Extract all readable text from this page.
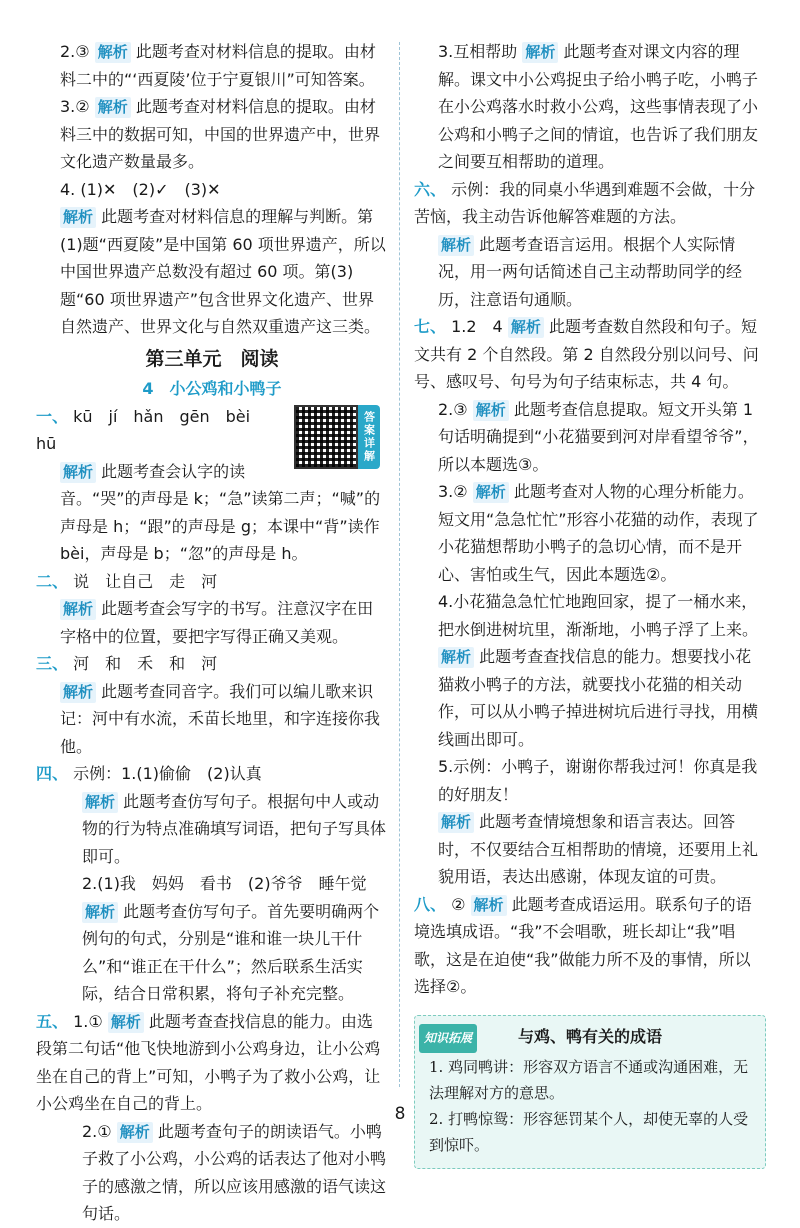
2.③ 解析 此题考查对材料信息的提取。由材料二中的“‘西夏陵’位于宁夏银川”可知答案。

3.② 解析 此题考查对材料信息的提取。由材料三中的数据可知，中国的世界遗产中，世界文化遗产数量最多。

4. (1)✕　(2)✓　(3)✕

解析 此题考查对材料信息的理解与判断。第(1)题“西夏陵”是中国第 60 项世界遗产，所以中国世界遗产总数没有超过 60 项。第(3)题“60 项世界遗产”包含世界文化遗产、世界自然遗产、世界文化与自然双重遗产这三类。

第三单元　阅读
4　小公鸡和小鸭子
答案详解

一、 kū　jí　hǎn　gēn　bèi　hū

解析 此题考查会认字的读音。“哭”的声母是 k；“急”读第二声；“喊”的声母是 h；“跟”的声母是 g；本课中“背”读作 bèi，声母是 b；“忽”的声母是 h。

二、 说　让自己　走　河

解析 此题考查会写字的书写。注意汉字在田字格中的位置，要把字写得正确又美观。

三、 河　和　禾　和　河

解析 此题考查同音字。我们可以编儿歌来识记：河中有水流，禾苗长地里，和字连接你我他。

四、 示例：1.(1)偷偷　(2)认真

解析 此题考查仿写句子。根据句中人或动物的行为特点准确填写词语，把句子写具体即可。

2.(1)我　妈妈　看书　(2)爷爷　睡午觉

解析 此题考查仿写句子。首先要明确两个例句的句式，分别是“谁和谁一块儿干什么”和“谁正在干什么”；然后联系生活实际，结合日常积累，将句子补充完整。

五、 1.① 解析 此题考查查找信息的能力。由选段第二句话“他飞快地游到小公鸡身边，让小公鸡坐在自己的背上”可知，小鸭子为了救小公鸡，让小公鸡坐在自己的背上。

2.① 解析 此题考查句子的朗读语气。小鸭子救了小公鸡，小公鸡的话表达了他对小鸭子的感激之情，所以应该用感激的语气读这句话。

3.互相帮助 解析 此题考查对课文内容的理解。课文中小公鸡捉虫子给小鸭子吃，小鸭子在小公鸡落水时救小公鸡，这些事情表现了小公鸡和小鸭子之间的情谊，也告诉了我们朋友之间要互相帮助的道理。

六、 示例：我的同桌小华遇到难题不会做，十分苦恼，我主动告诉他解答难题的方法。

解析 此题考查语言运用。根据个人实际情况，用一两句话简述自己主动帮助同学的经历，注意语句通顺。

七、 1.2　4 解析 此题考查数自然段和句子。短文共有 2 个自然段。第 2 自然段分别以问号、问号、感叹号、句号为句子结束标志，共 4 句。

2.③ 解析 此题考查信息提取。短文开头第 1 句话明确提到“小花猫要到河对岸看望爷爷”，所以本题选③。

3.② 解析 此题考查对人物的心理分析能力。短文用“急急忙忙”形容小花猫的动作，表现了小花猫想帮助小鸭子的急切心情，而不是开心、害怕或生气，因此本题选②。

4.小花猫急急忙忙地跑回家，提了一桶水来，把水倒进树坑里，渐渐地，小鸭子浮了上来。

解析 此题考查查找信息的能力。想要找小花猫救小鸭子的方法，就要找小花猫的相关动作，可以从小鸭子掉进树坑后进行寻找，用横线画出即可。

5.示例：小鸭子，谢谢你帮我过河！你真是我的好朋友！

解析 此题考查情境想象和语言表达。回答时，不仅要结合互相帮助的情境，还要用上礼貌用语，表达出感谢，体现友谊的可贵。

八、 ② 解析 此题考查成语运用。联系句子的语境选填成语。“我”不会唱歌，班长却让“我”唱歌，这是在迫使“我”做能力所不及的事情，所以选择②。

知识拓展	与鸡、鸭有关的成语
1. 鸡同鸭讲：形容双方语言不通或沟通困难，无法理解对方的意思。
2. 打鸭惊鸳：形容惩罚某个人，却使无辜的人受到惊吓。
8
